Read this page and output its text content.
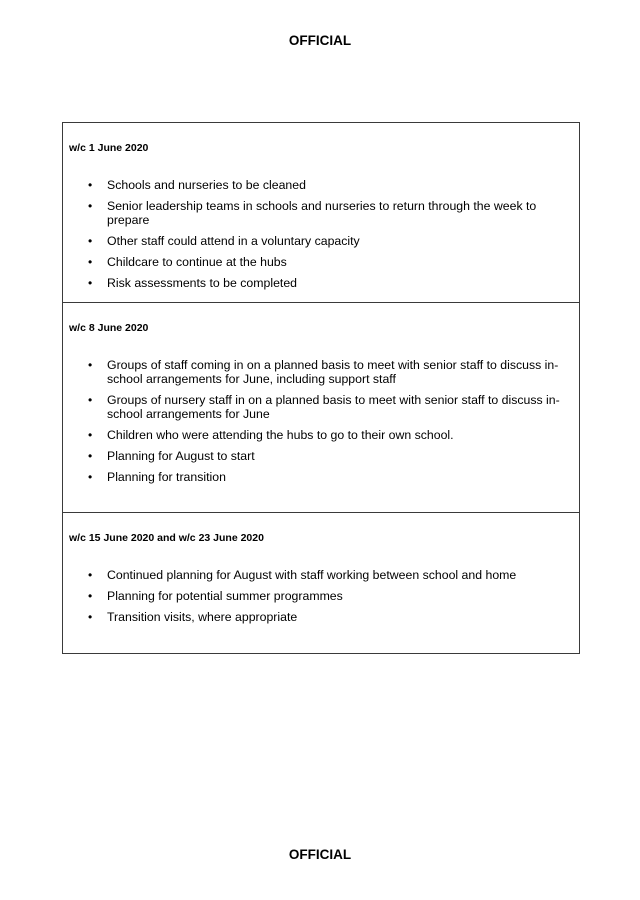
OFFICIAL
w/c 1 June 2020
• Schools and nurseries to be cleaned
• Senior leadership teams in schools and nurseries to return through the week to prepare
• Other staff could attend in a voluntary capacity
• Childcare to continue at the hubs
• Risk assessments to be completed
w/c 8 June 2020
• Groups of staff coming in on a planned basis to meet with senior staff to discuss in-school arrangements for June, including support staff
• Groups of nursery staff in on a planned basis to meet with senior staff to discuss in-school arrangements for June
• Children who were attending the hubs to go to their own school.
• Planning for August to start
• Planning for transition
w/c 15 June 2020 and w/c 23 June 2020
• Continued planning for August with staff working between school and home
• Planning for potential summer programmes
• Transition visits, where appropriate
OFFICIAL
